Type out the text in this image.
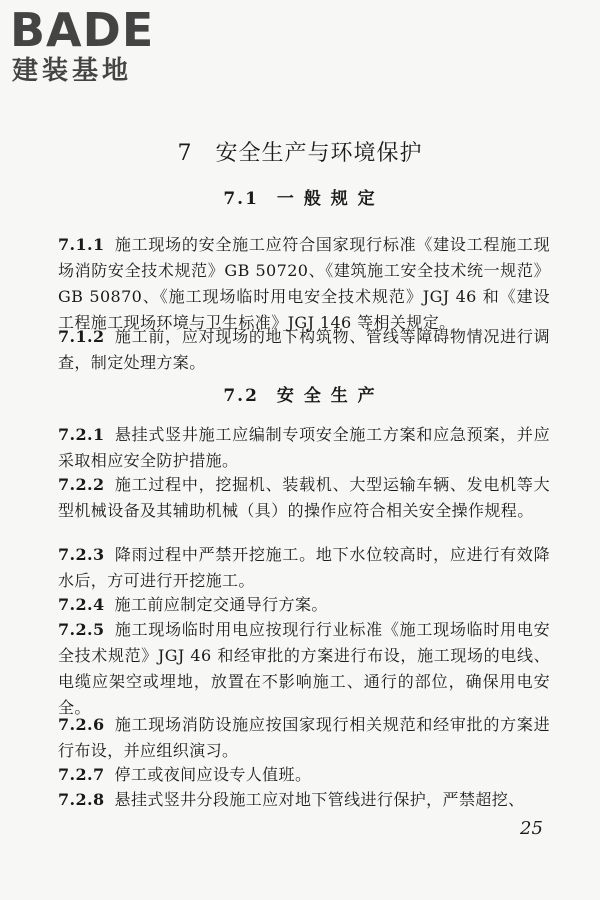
BADE
建装基地
7　安全生产与环境保护
7.1 一 般 规 定
7.1.1 施工现场的安全施工应符合国家现行标准《建设工程施工现场消防安全技术规范》GB 50720、《建筑施工安全技术统一规范》GB 50870、《施工现场临时用电安全技术规范》JGJ 46 和《建设工程施工现场环境与卫生标准》JGJ 146 等相关规定。
7.1.2 施工前，应对现场的地下构筑物、管线等障碍物情况进行调查，制定处理方案。
7.2 安 全 生 产
7.2.1 悬挂式竖井施工应编制专项安全施工方案和应急预案，并应采取相应安全防护措施。
7.2.2 施工过程中，挖掘机、装载机、大型运输车辆、发电机等大型机械设备及其辅助机械（具）的操作应符合相关安全操作规程。
7.2.3 降雨过程中严禁开挖施工。地下水位较高时，应进行有效降水后，方可进行开挖施工。
7.2.4 施工前应制定交通导行方案。
7.2.5 施工现场临时用电应按现行行业标准《施工现场临时用电安全技术规范》JGJ 46 和经审批的方案进行布设，施工现场的电线、电缆应架空或埋地，放置在不影响施工、通行的部位，确保用电安全。
7.2.6 施工现场消防设施应按国家现行相关规范和经审批的方案进行布设，并应组织演习。
7.2.7 停工或夜间应设专人值班。
7.2.8 悬挂式竖井分段施工应对地下管线进行保护，严禁超挖、
25
